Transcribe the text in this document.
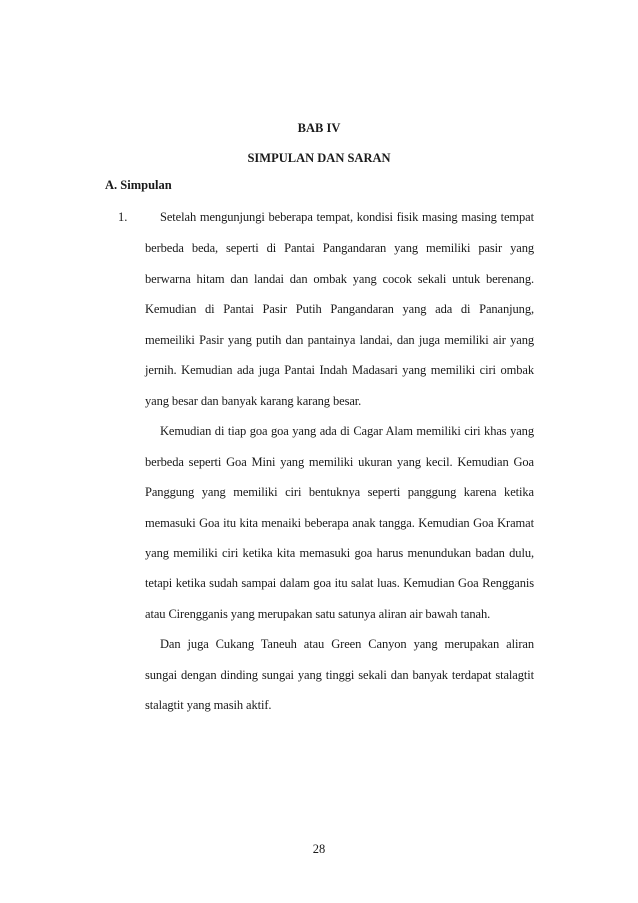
BAB IV
SIMPULAN DAN SARAN
A. Simpulan
1.	Setelah mengunjungi beberapa tempat, kondisi fisik masing masing tempat
berbeda beda, seperti di Pantai Pangandaran yang memiliki pasir yang
berwarna hitam dan landai dan ombak yang cocok sekali untuk berenang.
Kemudian di Pantai Pasir Putih Pangandaran yang ada di Pananjung,
memeiliki Pasir yang putih dan pantainya landai, dan juga memiliki air yang
jernih. Kemudian ada juga Pantai Indah Madasari yang memiliki ciri ombak
yang besar dan banyak karang karang besar.
Kemudian di tiap goa goa yang ada di Cagar Alam memiliki ciri khas yang
berbeda seperti Goa Mini yang memiliki ukuran yang kecil. Kemudian Goa
Panggung yang memiliki ciri bentuknya seperti panggung karena ketika
memasuki Goa itu kita menaiki beberapa anak tangga. Kemudian Goa Kramat
yang memiliki ciri ketika kita memasuki goa harus menundukan badan dulu,
tetapi ketika sudah sampai dalam goa itu salat luas. Kemudian Goa Rengganis
atau Cirengganis yang merupakan satu satunya aliran air bawah tanah.
Dan juga Cukang Taneuh atau Green Canyon yang merupakan aliran
sungai dengan dinding sungai yang tinggi sekali dan banyak terdapat stalagtit
stalagtit yang masih aktif.
28
